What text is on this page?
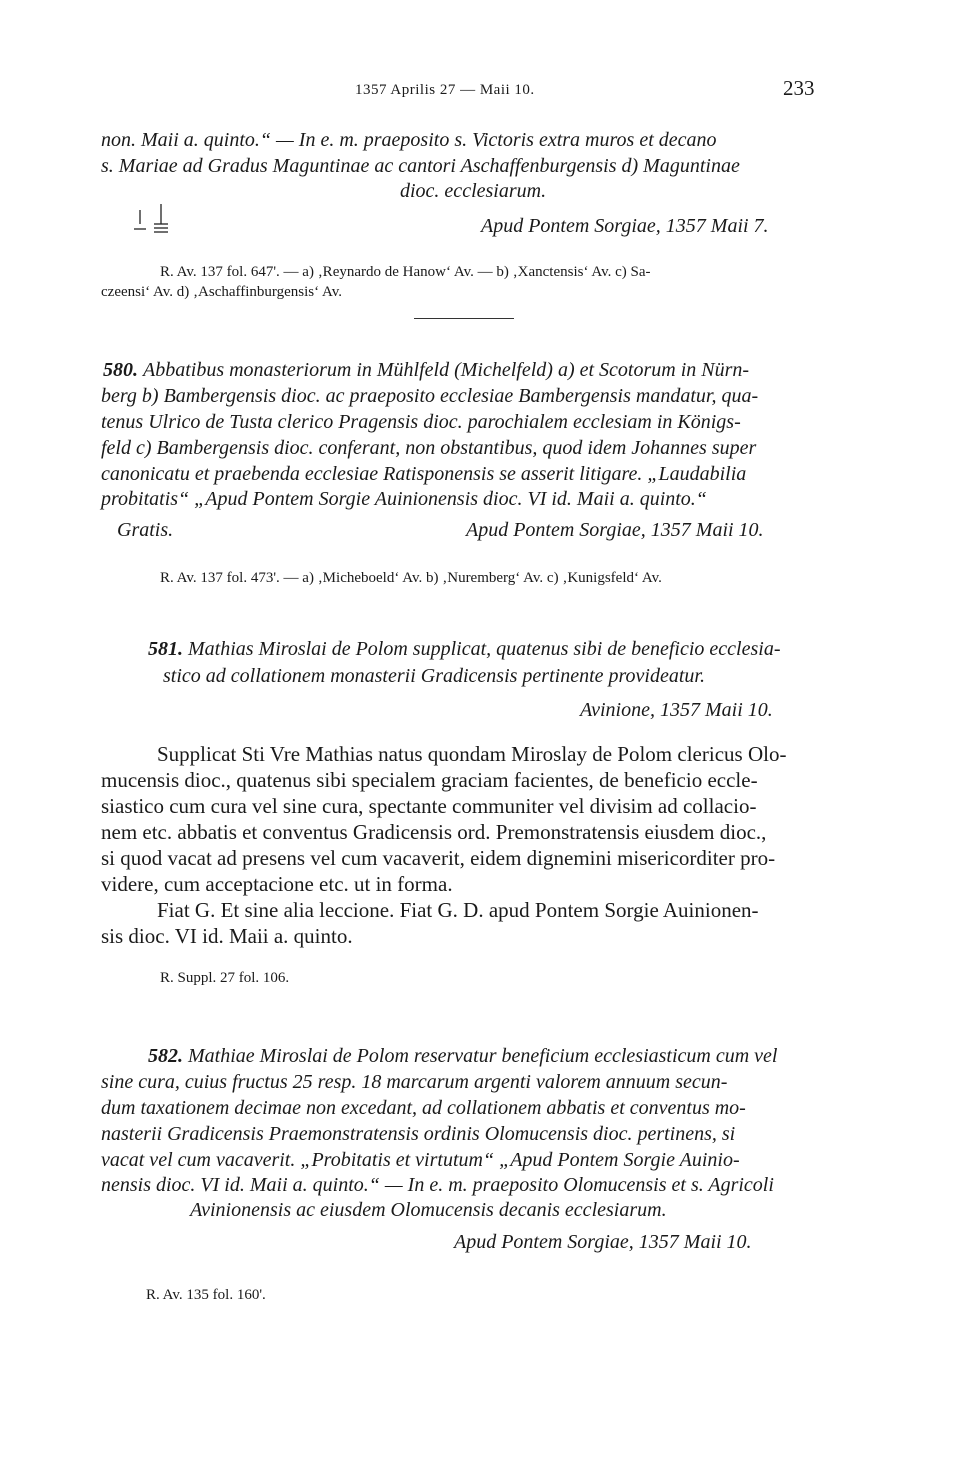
1357 Aprilis 27 — Maii 10.	233
non. Maii a. quinto.“ — In e. m. praeposito s. Victoris extra muros et decano
s. Mariae ad Gradus Maguntinae ac cantori Aschaffenburgensis d) Maguntinae
dioc. ecclesiarum.
Apud Pontem Sorgiae, 1357 Maii 7.
R. Av. 137 fol. 647'. — a) ‚Reynardo de Hanow‘ Av. — b) ‚Xanctensis‘ Av. c) Sa-
czeensi‘ Av. d) ‚Aschaffinburgensis‘ Av.
580. Abbatibus monasteriorum in Mühlfeld (Michelfeld) a) et Scotorum in Nürn-
berg b) Bambergensis dioc. ac praeposito ecclesiae Bambergensis mandatur, qua-
tenus Ulrico de Tusta clerico Pragensis dioc. parochialem ecclesiam in Königs-
feld c) Bambergensis dioc. conferant, non obstantibus, quod idem Johannes super
canonicatu et praebenda ecclesiae Ratisponensis se asserit litigare. „Laudabilia
probitatis“ „Apud Pontem Sorgie Auinionensis dioc. VI id. Maii a. quinto.“
Gratis.	Apud Pontem Sorgiae, 1357 Maii 10.
R. Av. 137 fol. 473'. — a) ‚Micheboeld‘ Av. b) ‚Nuremberg‘ Av. c) ‚Kunigsfeld‘ Av.
581. Mathias Miroslai de Polom supplicat, quatenus sibi de beneficio ecclesia-
stico ad collationem monasterii Gradicensis pertinente provideatur.
Avinione, 1357 Maii 10.
Supplicat Sti Vre Mathias natus quondam Miroslay de Polom clericus Olo-
mucensis dioc., quatenus sibi specialem graciam facientes, de beneficio eccle-
siastico cum cura vel sine cura, spectante communiter vel divisim ad collacio-
nem etc. abbatis et conventus Gradicensis ord. Premonstratensis eiusdem dioc.,
si quod vacat ad presens vel cum vacaverit, eidem dignemini misericorditer pro-
videre, cum acceptacione etc. ut in forma.
Fiat G. Et sine alia leccione. Fiat G. D. apud Pontem Sorgie Auinionen-
sis dioc. VI id. Maii a. quinto.
R. Suppl. 27 fol. 106.
582. Mathiae Miroslai de Polom reservatur beneficium ecclesiasticum cum vel
sine cura, cuius fructus 25 resp. 18 marcarum argenti valorem annuum secun-
dum taxationem decimae non excedant, ad collationem abbatis et conventus mo-
nasterii Gradicensis Praemonstratensis ordinis Olomucensis dioc. pertinens, si
vacat vel cum vacaverit. „Probitatis et virtutum“ „Apud Pontem Sorgie Auinio-
nensis dioc. VI id. Maii a. quinto.“ — In e. m. praeposito Olomucensis et s. Agricoli
Avinionensis ac eiusdem Olomucensis decanis ecclesiarum.
Apud Pontem Sorgiae, 1357 Maii 10.
R. Av. 135 fol. 160'.
